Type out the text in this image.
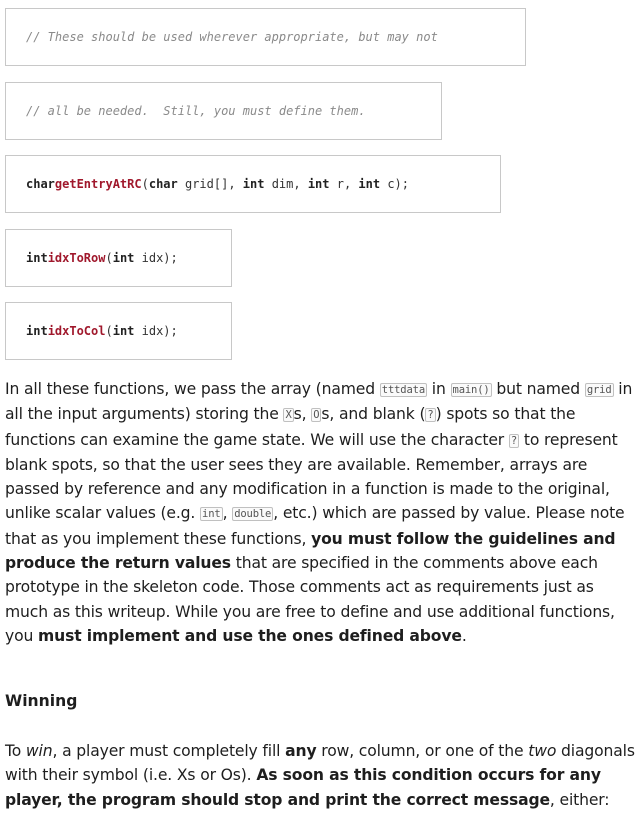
// These should be used wherever appropriate, but may not
// all be needed.  Still, you must define them.
char getEntryAtRC ( char grid[], int dim, int r, int c);
int idxToRow ( int idx);
int idxToCol ( int idx);

In all these functions, we pass the array (named tttdata in main() but named grid in all the input arguments) storing the X s, O s, and blank ( ? ) spots so that the functions can examine the game state. We will use the character ? to represent blank spots, so that the user sees they are available. Remember, arrays are passed by reference and any modification in a function is made to the original, unlike scalar values (e.g. int , double , etc.) which are passed by value. Please note that as you implement these functions, you must follow the guidelines and produce the return values that are specified in the comments above each prototype in the skeleton code. Those comments act as requirements just as much as this writeup. While you are free to define and use additional functions, you must implement and use the ones defined above.

Winning

To win, a player must completely fill any row, column, or one of the two diagonals with their symbol (i.e. Xs or Os). As soon as this condition occurs for any player, the program should stop and print the correct message, either:
